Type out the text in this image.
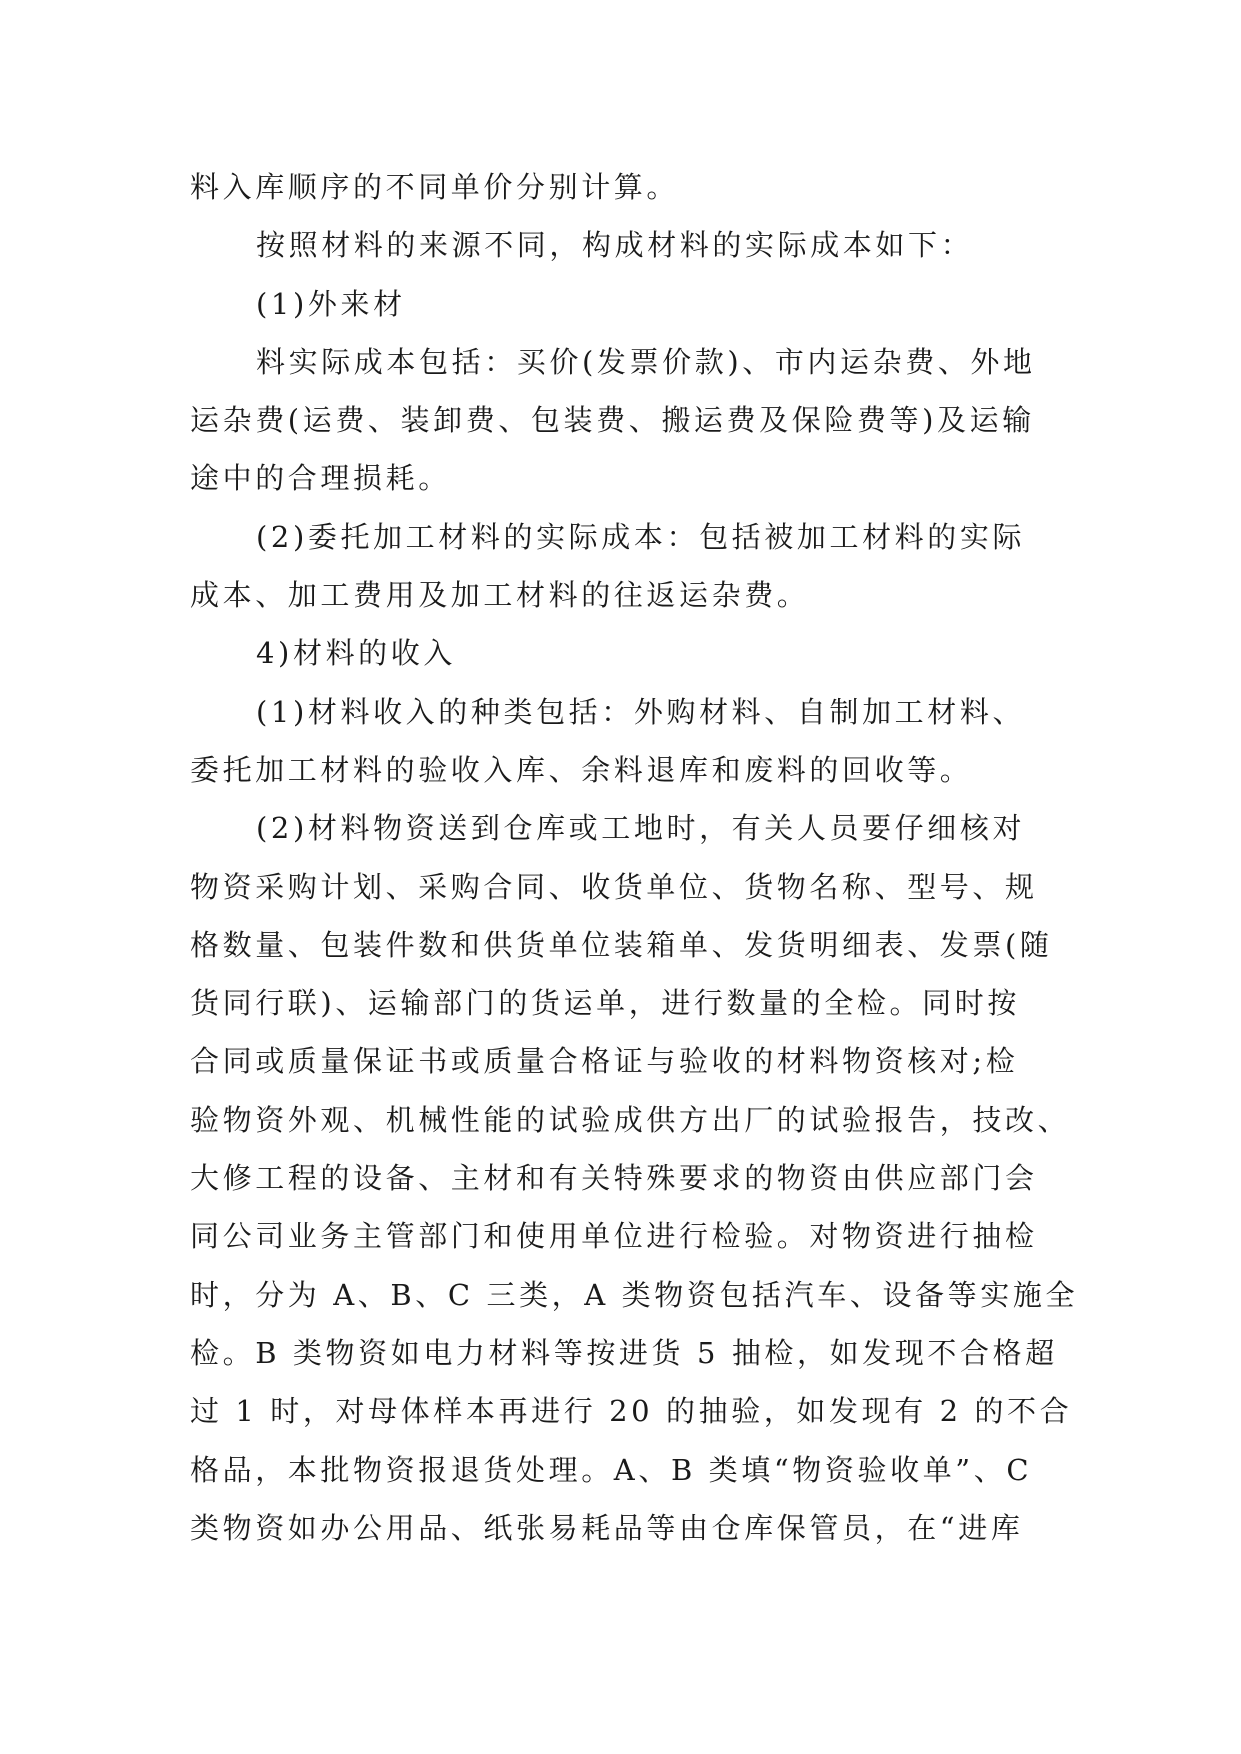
料入库顺序的不同单价分别计算。
按照材料的来源不同，构成材料的实际成本如下：
(1)外来材
料实际成本包括：买价(发票价款)、市内运杂费、外地
运杂费(运费、装卸费、包装费、搬运费及保险费等)及运输
途中的合理损耗。
(2)委托加工材料的实际成本：包括被加工材料的实际
成本、加工费用及加工材料的往返运杂费。
4)材料的收入
(1)材料收入的种类包括：外购材料、自制加工材料、
委托加工材料的验收入库、余料退库和废料的回收等。
(2)材料物资送到仓库或工地时，有关人员要仔细核对
物资采购计划、采购合同、收货单位、货物名称、型号、规
格数量、包装件数和供货单位装箱单、发货明细表、发票(随
货同行联)、运输部门的货运单，进行数量的全检。同时按
合同或质量保证书或质量合格证与验收的材料物资核对;检
验物资外观、机械性能的试验成供方出厂的试验报告，技改、
大修工程的设备、主材和有关特殊要求的物资由供应部门会
同公司业务主管部门和使用单位进行检验。对物资进行抽检
时，分为 A、B、C 三类，A 类物资包括汽车、设备等实施全
检。B 类物资如电力材料等按进货 5 抽检，如发现不合格超
过 1 时，对母体样本再进行 20 的抽验，如发现有 2 的不合
格品，本批物资报退货处理。A、B 类填“物资验收单”、C
类物资如办公用品、纸张易耗品等由仓库保管员，在“进库
